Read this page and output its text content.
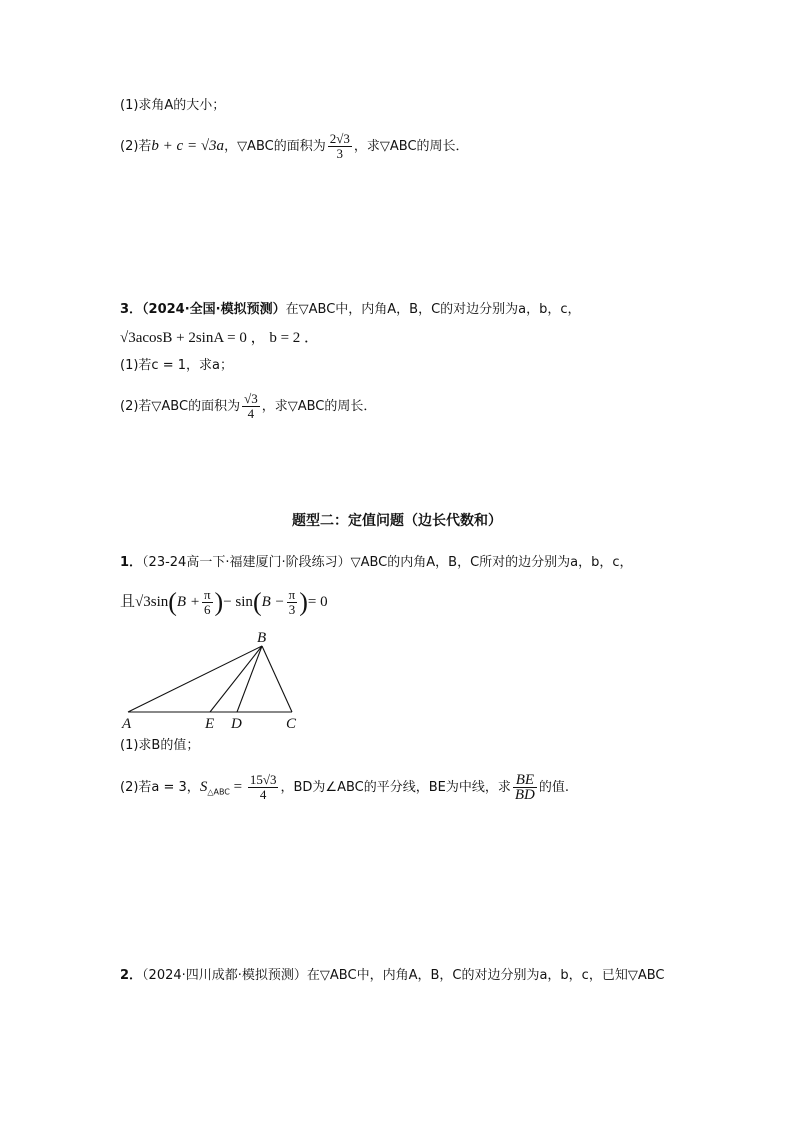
(1)求角A的大小；
(2)若b + c = √3a，▽ABC的面积为 $\frac{2√3}{3}$ ，求▽ABC的周长．
3．（2024·全国·模拟预测）在▽ABC中，内角A，B，C的对边分别为a，b，c，
√3acosB + 2sinA = 0 ， b = 2 ．
(1)若c = 1，求a；
(2)若▽ABC的面积为 $\frac{√3}{4}$ ，求▽ABC的周长．
题型二：定值问题（边长代数和）
1．（23-24高一下·福建厦门·阶段练习）▽ABC的内角A，B，C所对的边分别为a，b，c，
且$√3\sin(B + \frac{\pi}{6}$ )− $\sin(B - \frac{\pi}{3}$ )= 0
B
A	E D	C
(1)求B的值；
(2)若a = 3，$S_{\triangle ABC} = \frac{15√3}{4}$ ，BD为∠ABC的平分线，BE为中线，求 $\frac{BE}{BD}$ 的值.
2．（2024·四川成都·模拟预测）在▽ABC中，内角A，B，C的对边分别为a，b，c，已知▽ABC
